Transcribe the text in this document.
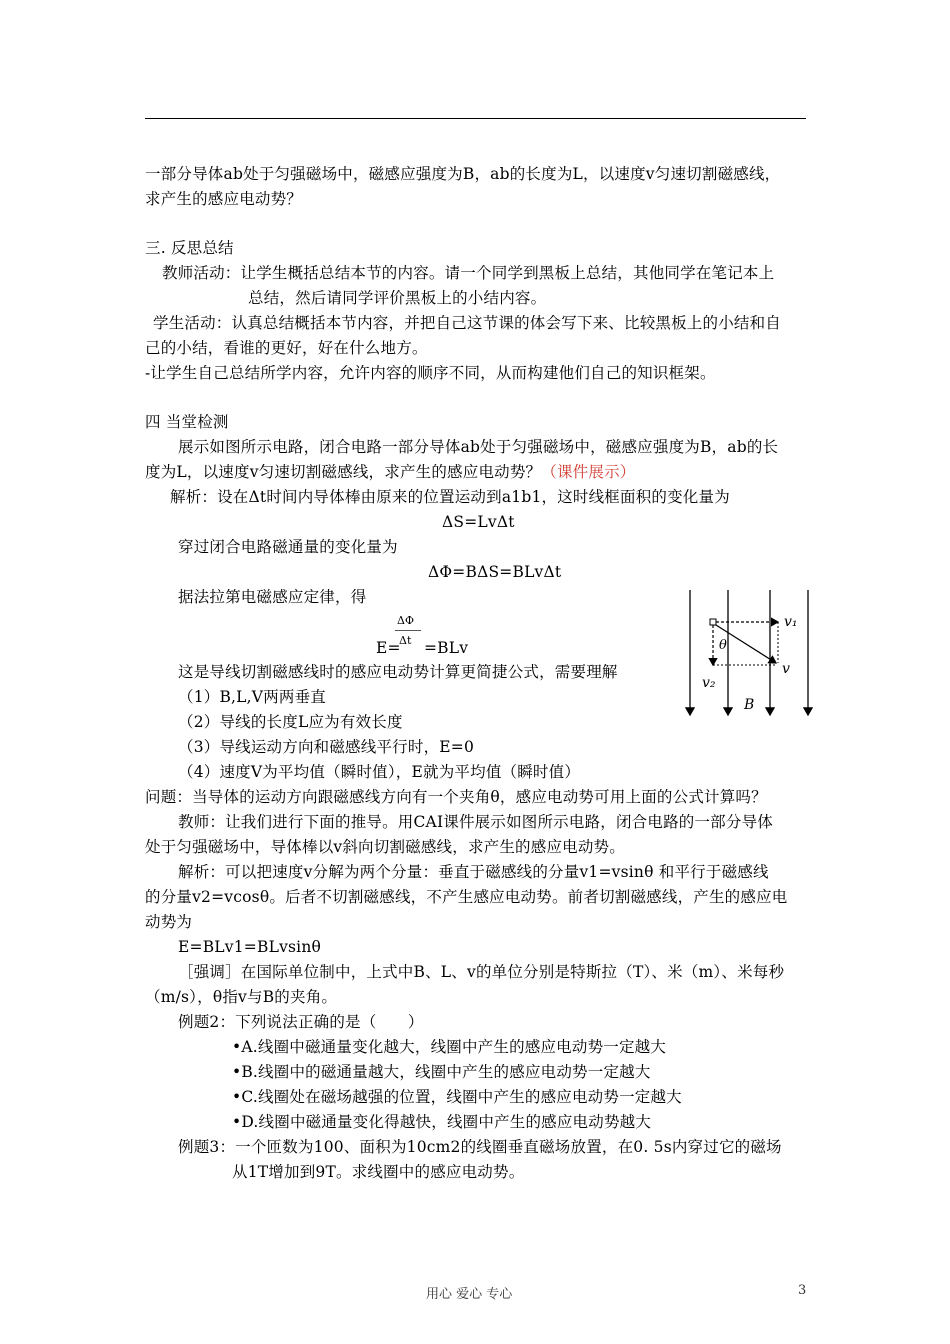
一部分导体ab处于匀强磁场中，磁感应强度为B，ab的长度为L，以速度v匀速切割磁感线，
求产生的感应电动势？
三. 反思总结
教师活动：让学生概括总结本节的内容。请一个同学到黑板上总结，其他同学在笔记本上
总结，然后请同学评价黑板上的小结内容。
学生活动：认真总结概括本节内容，并把自己这节课的体会写下来、比较黑板上的小结和自
己的小结，看谁的更好，好在什么地方。
-让学生自己总结所学内容，允许内容的顺序不同，从而构建他们自己的知识框架。
四 当堂检测
展示如图所示电路，闭合电路一部分导体ab处于匀强磁场中，磁感应强度为B，ab的长
度为L，以速度v匀速切割磁感线，求产生的感应电动势？（课件展示）
解析：设在Δt时间内导体棒由原来的位置运动到a1b1，这时线框面积的变化量为
ΔS=LvΔt
穿过闭合电路磁通量的变化量为
ΔΦ=BΔS=BLvΔt
据法拉第电磁感应定律，得
ΔΦ
Δt
E= =BLv
这是导线切割磁感线时的感应电动势计算更简捷公式，需要理解
（1）B,L,V两两垂直
（2）导线的长度L应为有效长度
（3）导线运动方向和磁感线平行时，E=0
（4）速度V为平均值（瞬时值），E就为平均值（瞬时值）
问题：当导体的运动方向跟磁感线方向有一个夹角θ，感应电动势可用上面的公式计算吗？
教师：让我们进行下面的推导。用CAI课件展示如图所示电路，闭合电路的一部分导体
处于匀强磁场中，导体棒以v斜向切割磁感线，求产生的感应电动势。
解析：可以把速度v分解为两个分量：垂直于磁感线的分量v1=vsinθ 和平行于磁感线
的分量v2=vcosθ。后者不切割磁感线，不产生感应电动势。前者切割磁感线，产生的感应电
动势为
E=BLv1=BLvsinθ
［强调］在国际单位制中，上式中B、L、v的单位分别是特斯拉（T）、米（m）、米每秒
（m/s），θ指v与B的夹角。
例题2：下列说法正确的是（　　）
•A.线圈中磁通量变化越大，线圈中产生的感应电动势一定越大
•B.线圈中的磁通量越大，线圈中产生的感应电动势一定越大
•C.线圈处在磁场越强的位置，线圈中产生的感应电动势一定越大
•D.线圈中磁通量变化得越快，线圈中产生的感应电动势越大
例题3：一个匝数为100、面积为10cm2的线圈垂直磁场放置，在0. 5s内穿过它的磁场
从1T增加到9T。求线圈中的感应电动势。
v₁
θ
v
v₂
B
用心 爱心 专心	3
